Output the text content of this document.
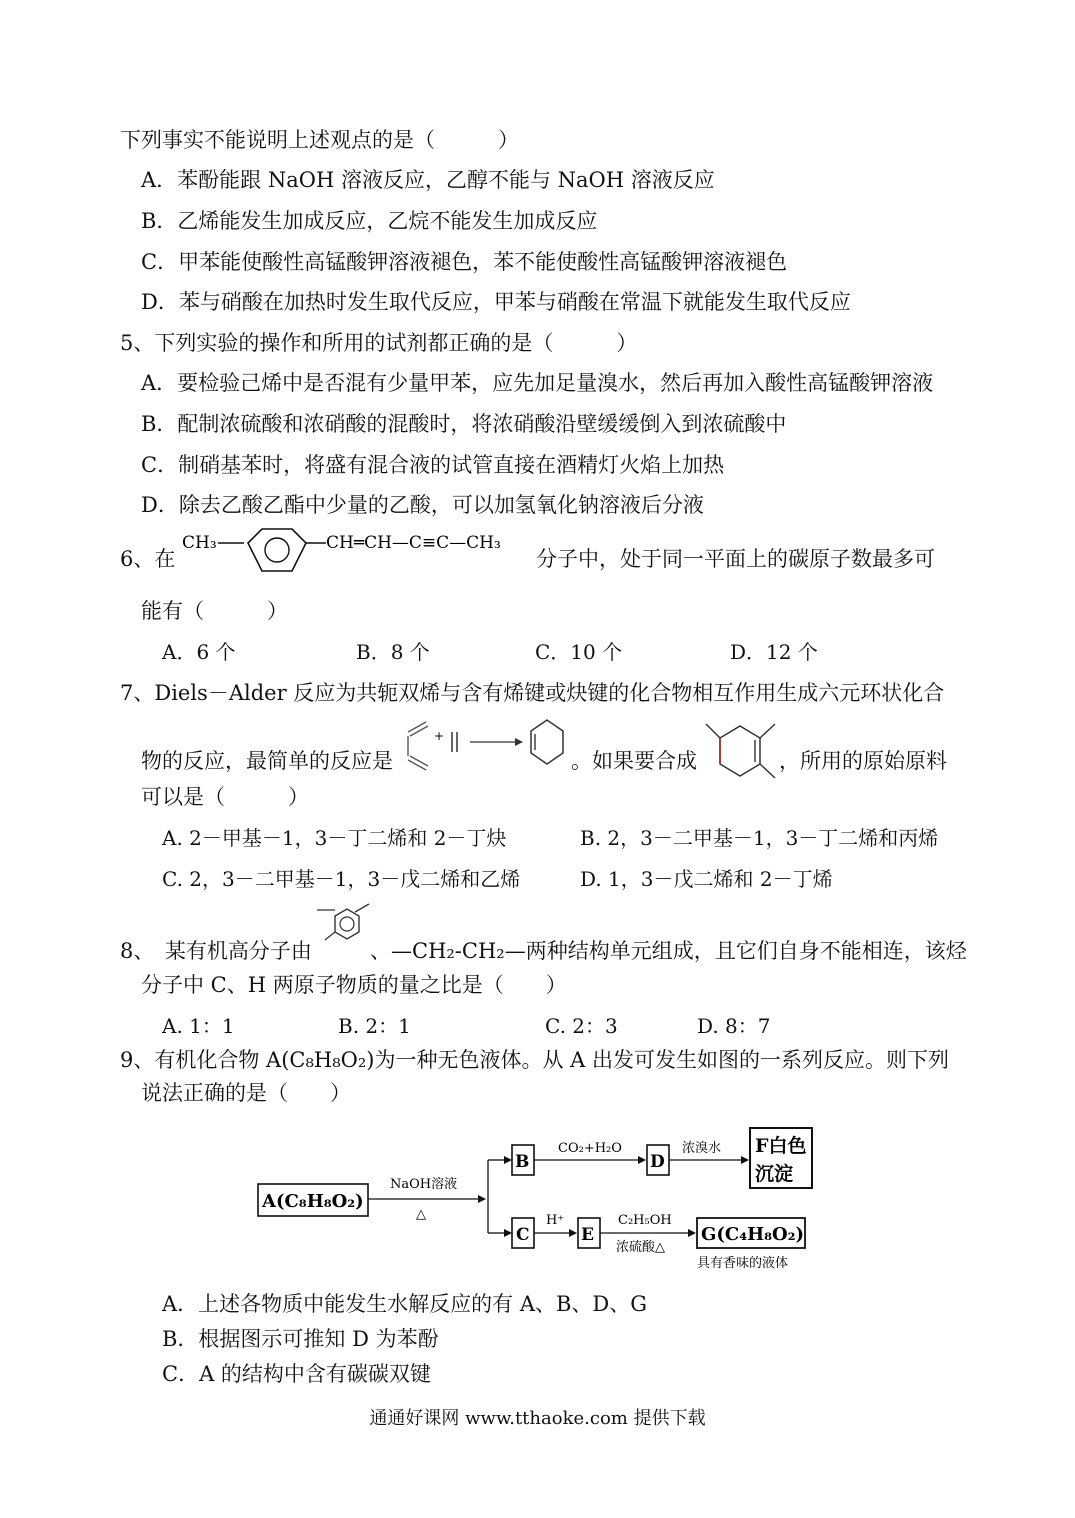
下列事实不能说明上述观点的是（　　　）
A．苯酚能跟 NaOH 溶液反应，乙醇不能与 NaOH 溶液反应
B．乙烯能发生加成反应，乙烷不能发生加成反应
C．甲苯能使酸性高锰酸钾溶液褪色，苯不能使酸性高锰酸钾溶液褪色
D．苯与硝酸在加热时发生取代反应，甲苯与硝酸在常温下就能发生取代反应
5、下列实验的操作和所用的试剂都正确的是（　　　）
A．要检验己烯中是否混有少量甲苯，应先加足量溴水，然后再加入酸性高锰酸钾溶液
B．配制浓硫酸和浓硝酸的混酸时，将浓硝酸沿壁缓缓倒入到浓硫酸中
C．制硝基苯时，将盛有混合液的试管直接在酒精灯火焰上加热
D．除去乙酸乙酯中少量的乙酸，可以加氢氧化钠溶液后分液
6、在
CH₃	CH═CH—C≡C—CH₃
分子中，处于同一平面上的碳原子数最多可
能有（　　　）
A．6 个	B．8 个	C．10 个	D．12 个
7、Diels－Alder 反应为共轭双烯与含有烯键或炔键的化合物相互作用生成六元环状化合
物的反应，最简单的反应是
+
。如果要合成	，所用的原始原料
可以是（　　　）
A. 2－甲基－1，3－丁二烯和 2－丁炔	B. 2，3－二甲基－1，3－丁二烯和丙烯
C. 2，3－二甲基－1，3－戊二烯和乙烯	D. 1，3－戊二烯和 2－丁烯
8、　某有机高分子由	、—CH₂-CH₂—两种结构单元组成，且它们自身不能相连，该烃
分子中 C、H 两原子物质的量之比是（　　）
A. 1：1	B. 2：1	C. 2：3	D. 8：7
9、有机化合物 A(C₈H₈O₂)为一种无色液体。从 A 出发可发生如图的一系列反应。则下列
说法正确的是（　　）
A(C₈H₈O₂)
B	D
F白色
沉淀
C	E	G(C₄H₈O₂)
NaOH溶液
△
CO₂+H₂O	浓溴水
H⁺	C₂H₅OH
浓硫酸△
具有香味的液体
A．上述各物质中能发生水解反应的有 A、B、D、G
B．根据图示可推知 D 为苯酚
C．A 的结构中含有碳碳双键
通通好课网 www.tthaoke.com 提供下载
